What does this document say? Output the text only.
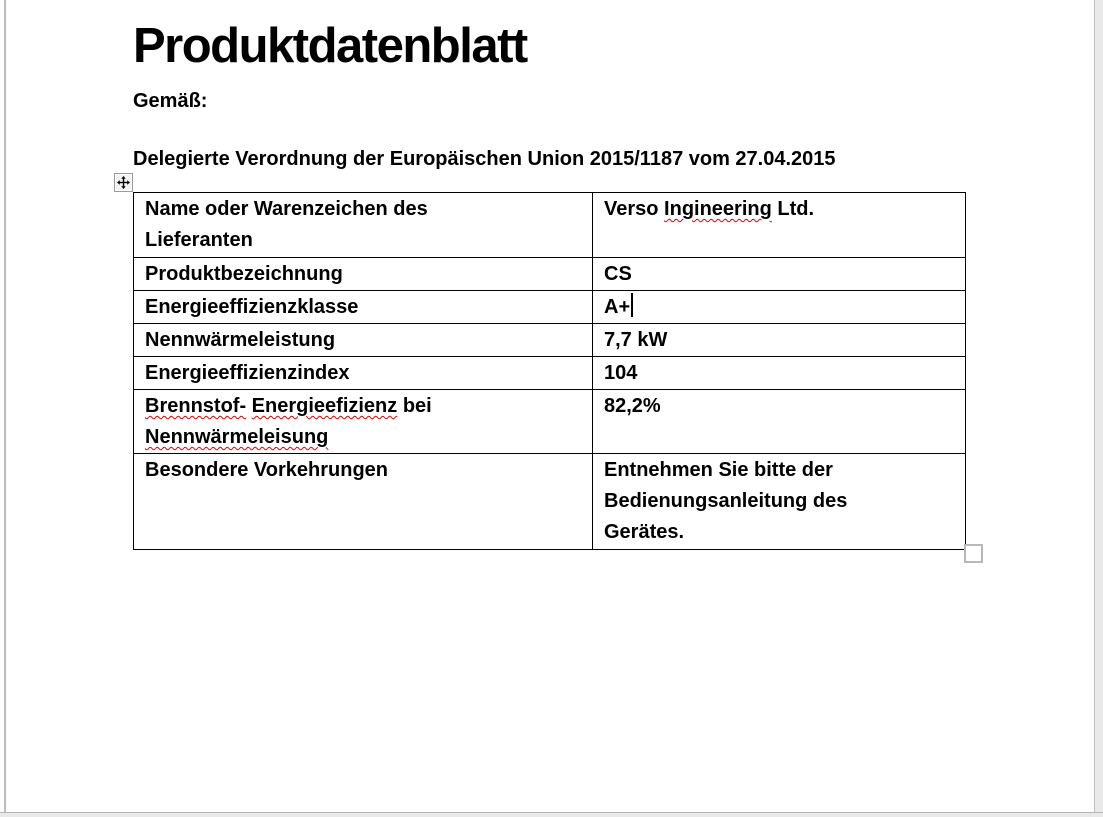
Produktdatenblatt

Gemäß:

Delegierte Verordnung der Europäischen Union 2015/1187 vom 27.04.2015

Name oder Warenzeichen des Lieferanten	Verso Ingineering Ltd.
Produktbezeichnung	CS
Energieeffizienzklasse	A+
Nennwärmeleistung	7,7 kW
Energieeffizienzindex	104
Brennstof- Energieefizienz bei Nennwärmeleisung	82,2%
Besondere Vorkehrungen	Entnehmen Sie bitte der Bedienungsanleitung des Gerätes.
